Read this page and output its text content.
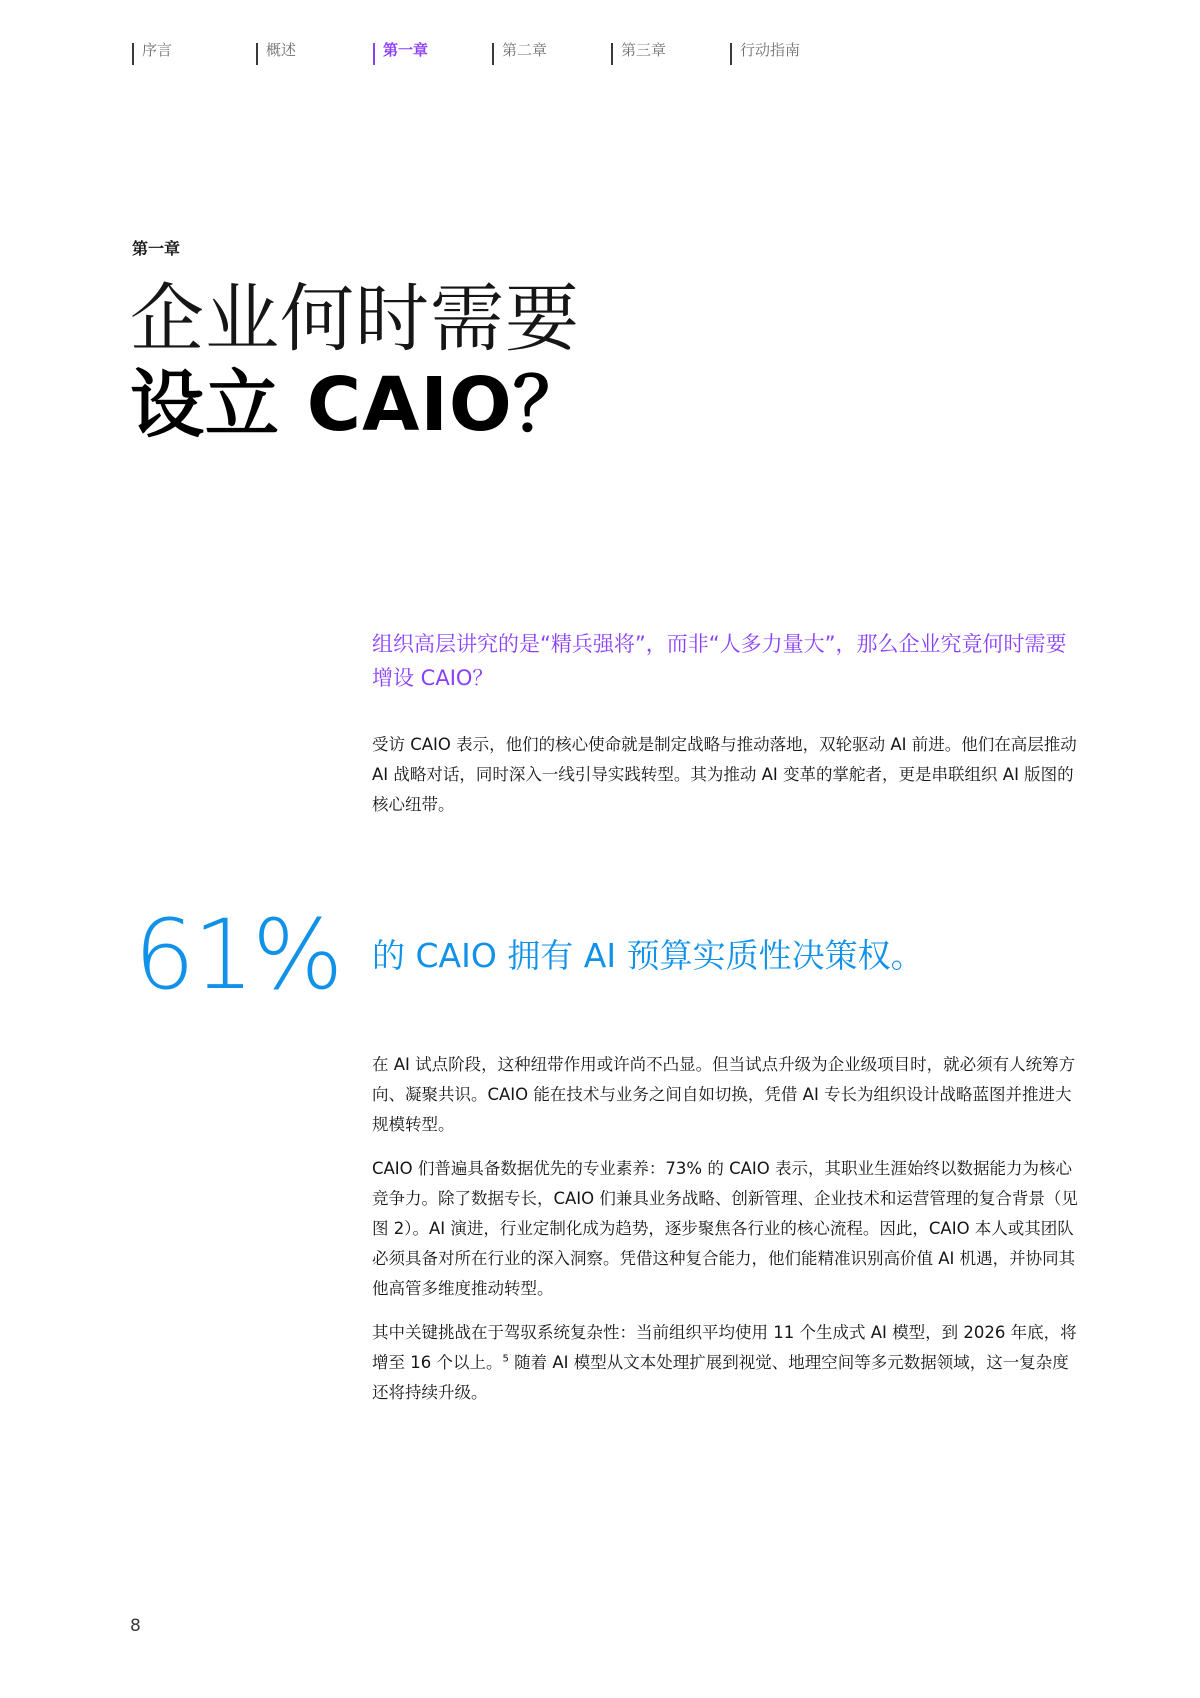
序言	概述	第一章	第二章	第三章	行动指南
第一章
企业何时需要
设立 CAIO？
组织高层讲究的是“精兵强将”，而非“人多力量大”，那么企业究竟何时需要增设 CAIO？

受访 CAIO 表示，他们的核心使命就是制定战略与推动落地，双轮驱动 AI 前进。他们在高层推动 AI 战略对话，同时深入一线引导实践转型。其为推动 AI 变革的掌舵者，更是串联组织 AI 版图的核心纽带。

61% 的 CAIO 拥有 AI 预算实质性决策权。

在 AI 试点阶段，这种纽带作用或许尚不凸显。但当试点升级为企业级项目时，就必须有人统筹方向、凝聚共识。CAIO 能在技术与业务之间自如切换，凭借 AI 专长为组织设计战略蓝图并推进大规模转型。

CAIO 们普遍具备数据优先的专业素养：73% 的 CAIO 表示，其职业生涯始终以数据能力为核心竞争力。除了数据专长，CAIO 们兼具业务战略、创新管理、企业技术和运营管理的复合背景（见图 2）。AI 演进，行业定制化成为趋势，逐步聚焦各行业的核心流程。因此，CAIO 本人或其团队必须具备对所在行业的深入洞察。凭借这种复合能力，他们能精准识别高价值 AI 机遇，并协同其他高管多维度推动转型。

其中关键挑战在于驾驭系统复杂性：当前组织平均使用 11 个生成式 AI 模型，到 2026 年底，将增至 16 个以上。$^5$ 随着 AI 模型从文本处理扩展到视觉、地理空间等多元数据领域，这一复杂度还将持续升级。

8
